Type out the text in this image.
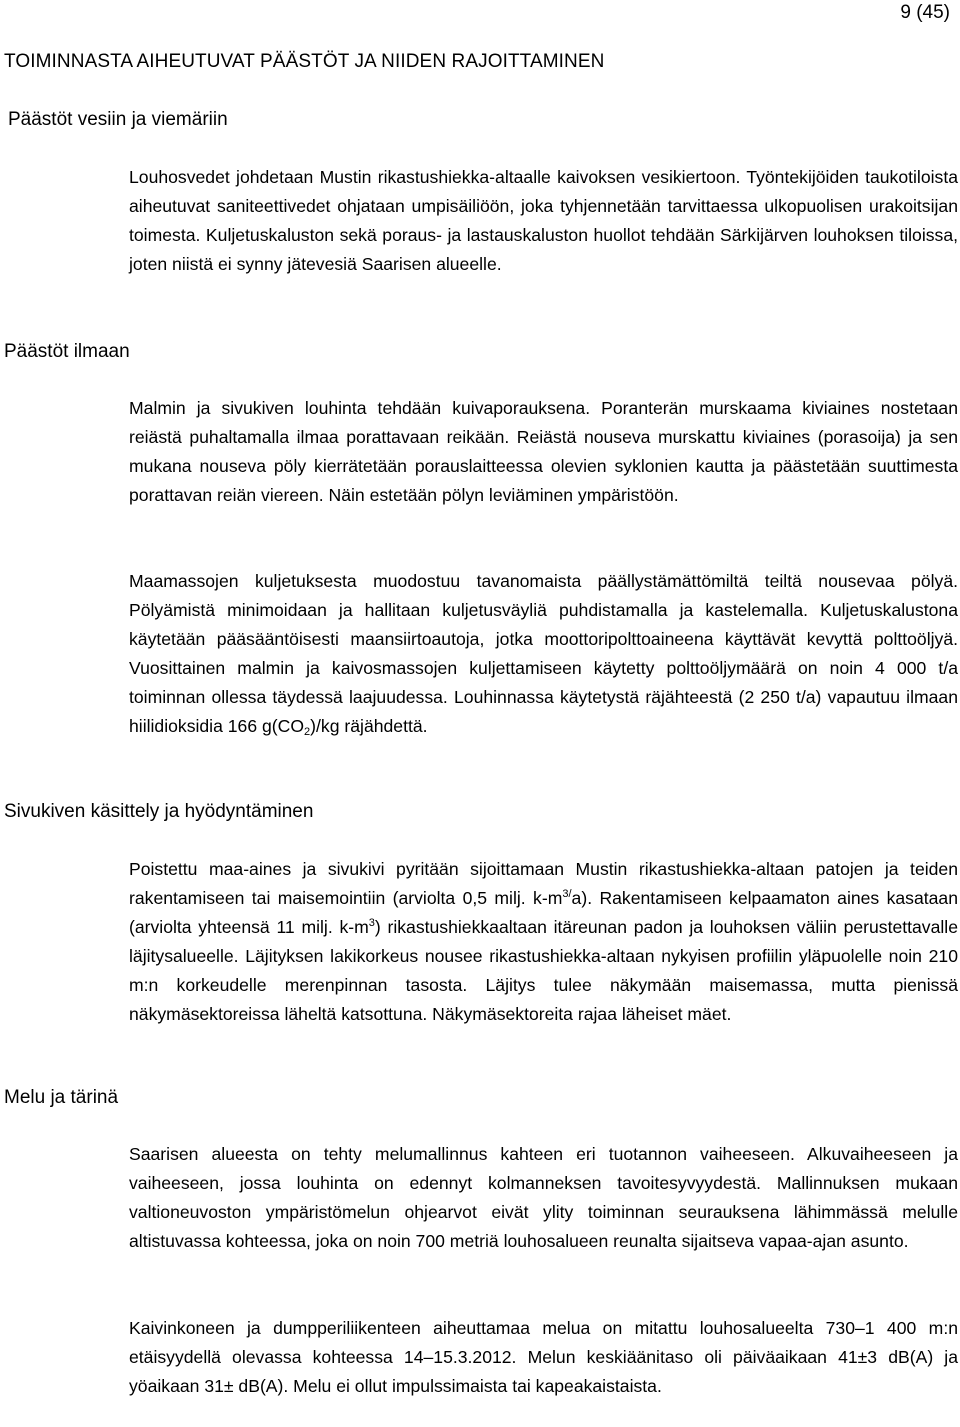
9 (45)
TOIMINNASTA AIHEUTUVAT PÄÄSTÖT JA NIIDEN RAJOITTAMINEN
Päästöt vesiin ja viemäriin

Louhosvedet johdetaan Mustin rikastushiekka-altaalle kaivoksen vesikiertoon. Työntekijöiden taukotiloista aiheutuvat saniteettivedet ohjataan umpisäiliöön, joka tyhjennetään tarvittaessa ulkopuolisen urakoitsijan toimesta. Kuljetuskaluston sekä poraus- ja lastauskaluston huollot tehdään Särkijärven louhoksen tiloissa, joten niistä ei synny jätevesiä Saarisen alueelle.

Päästöt ilmaan

Malmin ja sivukiven louhinta tehdään kuivaporauksena. Poranterän murskaama kiviaines nostetaan reiästä puhaltamalla ilmaa porattavaan reikään. Reiästä nouseva murskattu kiviaines (porasoija) ja sen mukana nouseva pöly kierrätetään porauslaitteessa olevien syklonien kautta ja päästetään suuttimesta porattavan reiän viereen. Näin estetään pölyn leviäminen ympäristöön.

Maamassojen kuljetuksesta muodostuu tavanomaista päällystämättömiltä teiltä nousevaa pölyä. Pölyämistä minimoidaan ja hallitaan kuljetusväyliä puhdistamalla ja kastelemalla. Kuljetuskalustona käytetään pääsääntöisesti maansiirtoautoja, jotka moottoripolttoaineena käyttävät kevyttä polttoöljyä. Vuosittainen malmin ja kaivosmassojen kuljettamiseen käytetty polttoöljymäärä on noin 4 000 t/a toiminnan ollessa täydessä laajuudessa. Louhinnassa käytetystä räjähteestä (2 250 t/a) vapautuu ilmaan hiilidioksidia 166 $g(CO_2)/kg$ räjähdettä.

Sivukiven käsittely ja hyödyntäminen

Poistettu maa-aines ja sivukivi pyritään sijoittamaan Mustin rikastushiekka-altaan patojen ja teiden rakentamiseen tai maisemointiin (arviolta 0,5 milj. $k-m^{3/}a$). Rakentamiseen kelpaamaton aines kasataan (arviolta yhteensä 11 milj. $k-m^3$) rikastushiekkaaltaan itäreunan padon ja louhoksen väliin perustettavalle läjitysalueelle. Läjityksen lakikorkeus nousee rikastushiekka-altaan nykyisen profiilin yläpuolelle noin 210 m:n korkeudelle merenpinnan tasosta. Läjitys tulee näkymään maisemassa, mutta pienissä näkymäsektoreissa läheltä katsottuna. Näkymäsektoreita rajaa läheiset mäet.

Melu ja tärinä

Saarisen alueesta on tehty melumallinnus kahteen eri tuotannon vaiheeseen. Alkuvaiheeseen ja vaiheeseen, jossa louhinta on edennyt kolmanneksen tavoitesyvyydestä. Mallinnuksen mukaan valtioneuvoston ympäristömelun ohjearvot eivät ylity toiminnan seurauksena lähimmässä melulle altistuvassa kohteessa, joka on noin 700 metriä louhosalueen reunalta sijaitseva vapaa-ajan asunto.

Kaivinkoneen ja dumpperiliikenteen aiheuttamaa melua on mitattu louhosalueelta 730–1 400 m:n etäisyydellä olevassa kohteessa 14–15.3.2012. Melun keskiäänitaso oli päiväaikaan 41±3 dB(A) ja yöaikaan 31± dB(A). Melu ei ollut impulssimaista tai kapeakaistaista.
